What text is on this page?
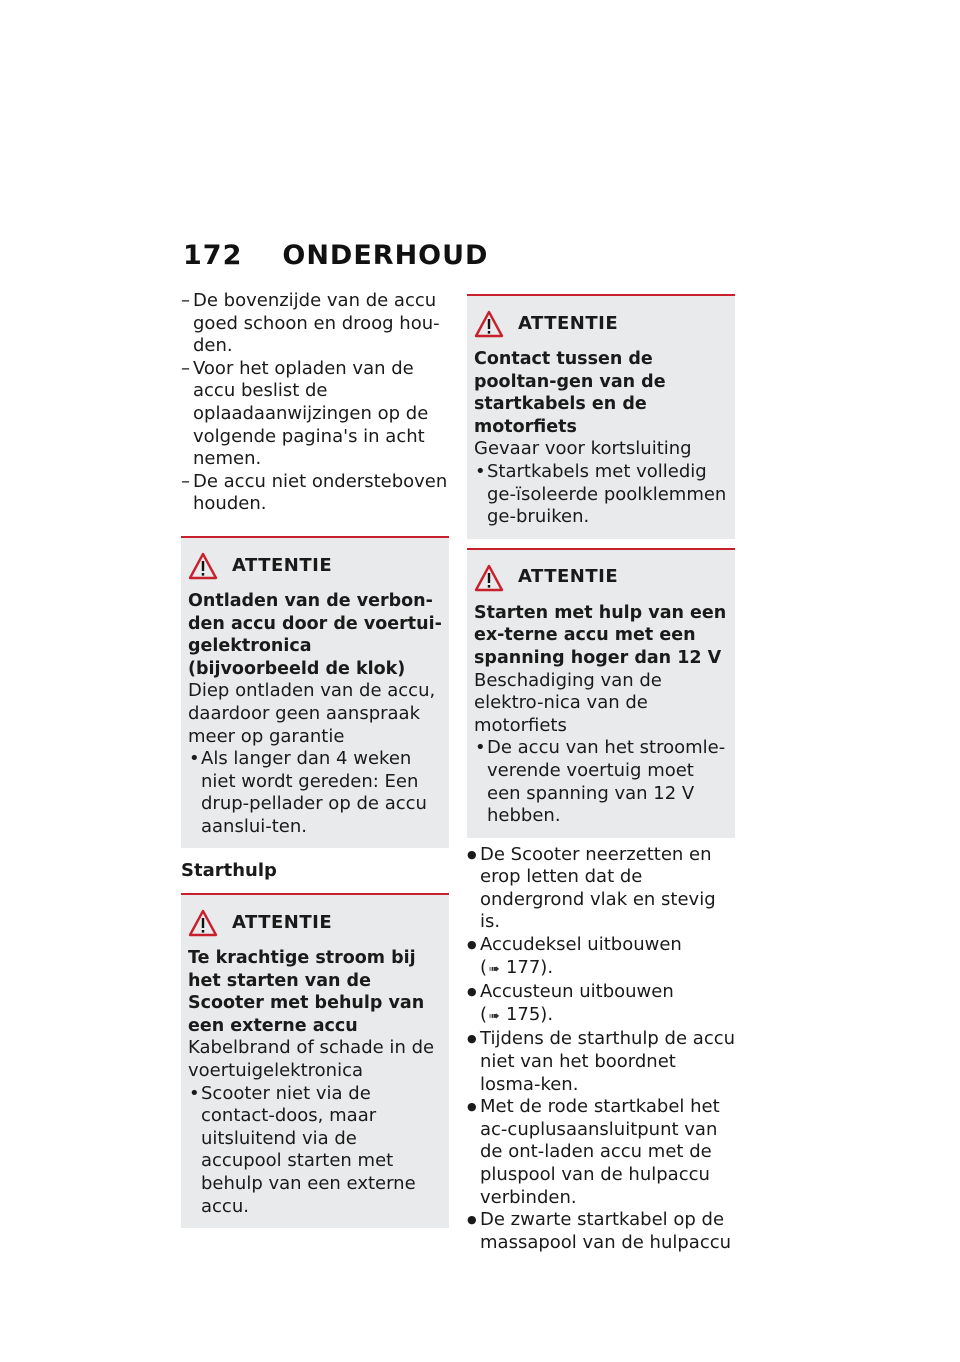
172 ONDERHOUD
– De bovenzijde van de accu goed schoon en droog hou-den.
– Voor het opladen van de accu beslist de oplaadaanwijzingen op de volgende pagina's in acht nemen.
– De accu niet ondersteboven houden.
ATTENTIE
Ontladen van de verbon-den accu door de voertui-gelektronica (bijvoorbeeld de klok)
Diep ontladen van de accu, daardoor geen aanspraak meer op garantie
• Als langer dan 4 weken niet wordt gereden: Een drup-pellader op de accu aanslui-ten.
Starthulp
ATTENTIE
Te krachtige stroom bij het starten van de Scooter met behulp van een externe accu
Kabelbrand of schade in de voertuigelektronica
• Scooter niet via de contact-doos, maar uitsluitend via de accupool starten met behulp van een externe accu.
ATTENTIE
Contact tussen de pooltan-gen van de startkabels en de motorfiets
Gevaar voor kortsluiting
• Startkabels met volledig ge-ïsoleerde poolklemmen ge-bruiken.
ATTENTIE
Starten met hulp van een ex-terne accu met een spanning hoger dan 12 V
Beschadiging van de elektro-nica van de motorfiets
• De accu van het stroomle-verende voertuig moet een spanning van 12 V hebben.
● De Scooter neerzetten en erop letten dat de ondergrond vlak en stevig is.
● Accudeksel uitbouwen
( ➠ 177).
● Accusteun uitbouwen
( ➠ 175).
● Tijdens de starthulp de accu niet van het boordnet losma-ken.
● Met de rode startkabel het ac-cuplusaansluitpunt van de ont-laden accu met de pluspool van de hulpaccu verbinden.
● De zwarte startkabel op de massapool van de hulpaccu
